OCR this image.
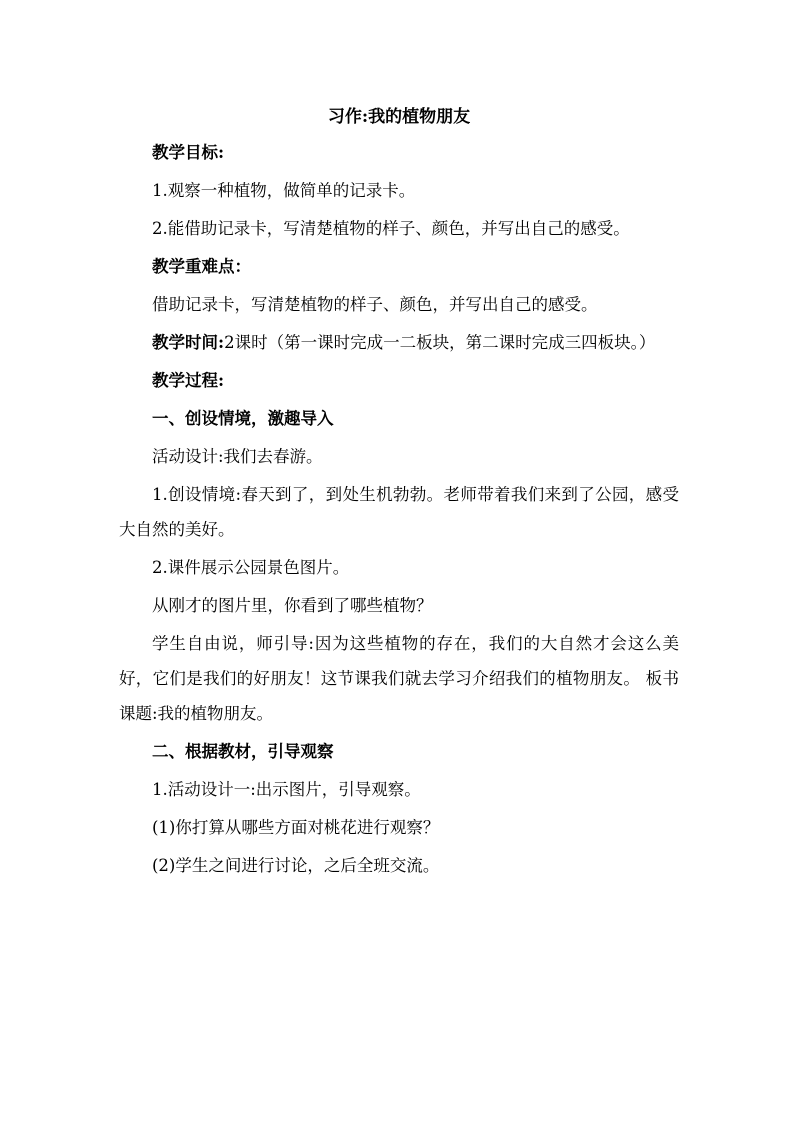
习作:我的植物朋友

教学目标:

1.观察一种植物，做简单的记录卡。

2.能借助记录卡，写清楚植物的样子、颜色，并写出自己的感受。

教学重难点：

借助记录卡，写清楚植物的样子、颜色，并写出自己的感受。

教学时间:2课时（第一课时完成一二板块，第二课时完成三四板块。）

教学过程:

一、创设情境，激趣导入

活动设计:我们去春游。

1.创设情境:春天到了，到处生机勃勃。老师带着我们来到了公园，感受大自然的美好。

2.课件展示公园景色图片。

从刚才的图片里，你看到了哪些植物？

学生自由说，师引导:因为这些植物的存在，我们的大自然才会这么美好，它们是我们的好朋友！这节课我们就去学习介绍我们的植物朋友。 板书课题:我的植物朋友。

二、根据教材，引导观察

1.活动设计一:出示图片，引导观察。

(1)你打算从哪些方面对桃花进行观察？

(2)学生之间进行讨论，之后全班交流。
